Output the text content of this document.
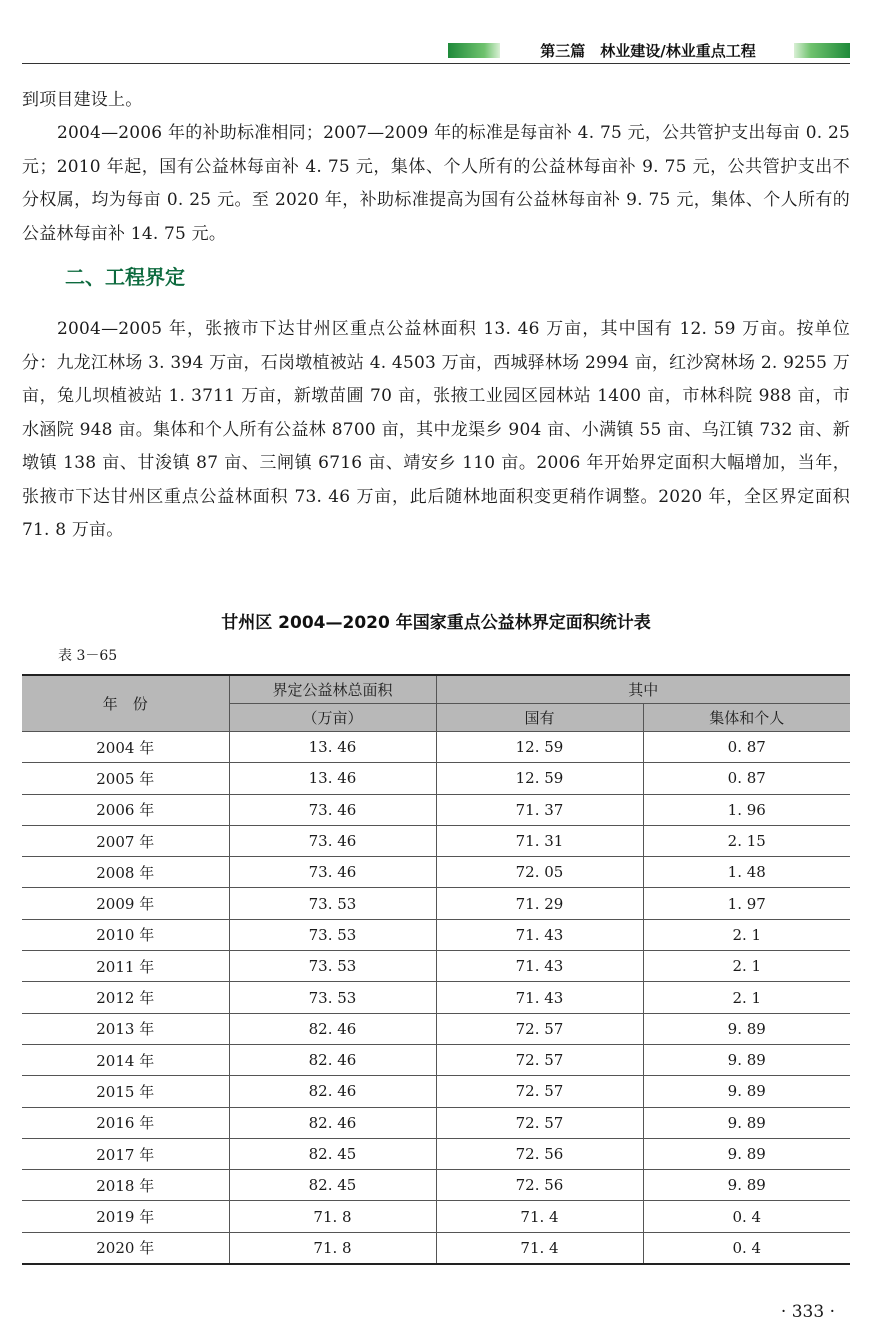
第三篇　林业建设/林业重点工程

到项目建设上。

2004—2006 年的补助标准相同；2007—2009 年的标准是每亩补 4. 75 元，公共管护支出每亩 0. 25 元；2010 年起，国有公益林每亩补 4. 75 元，集体、个人所有的公益林每亩补 9. 75 元，公共管护支出不分权属，均为每亩 0. 25 元。至 2020 年，补助标准提高为国有公益林每亩补 9. 75 元，集体、个人所有的公益林每亩补 14. 75 元。

二、工程界定

2004—2005 年，张掖市下达甘州区重点公益林面积 13. 46 万亩，其中国有 12. 59 万亩。按单位分：九龙江林场 3. 394 万亩，石岗墩植被站 4. 4503 万亩，西城驿林场 2994 亩，红沙窝林场 2. 9255 万亩，兔儿坝植被站 1. 3711 万亩，新墩苗圃 70 亩，张掖工业园区园林站 1400 亩，市林科院 988 亩，市水涵院 948 亩。集体和个人所有公益林 8700 亩，其中龙渠乡 904 亩、小满镇 55 亩、乌江镇 732 亩、新墩镇 138 亩、甘浚镇 87 亩、三闸镇 6716 亩、靖安乡 110 亩。2006 年开始界定面积大幅增加，当年，张掖市下达甘州区重点公益林面积 73. 46 万亩，此后随林地面积变更稍作调整。2020 年，全区界定面积 71. 8 万亩。

甘州区 2004—2020 年国家重点公益林界定面积统计表
表 3－65
年　份	界定公益林总面积	其中	
	（万亩）	国有	集体和个人
2004 年	13. 46	12. 59	0. 87
2005 年	13. 46	12. 59	0. 87
2006 年	73. 46	71. 37	1. 96
2007 年	73. 46	71. 31	2. 15
2008 年	73. 46	72. 05	1. 48
2009 年	73. 53	71. 29	1. 97
2010 年	73. 53	71. 43	2. 1
2011 年	73. 53	71. 43	2. 1
2012 年	73. 53	71. 43	2. 1
2013 年	82. 46	72. 57	9. 89
2014 年	82. 46	72. 57	9. 89
2015 年	82. 46	72. 57	9. 89
2016 年	82. 46	72. 57	9. 89
2017 年	82. 45	72. 56	9. 89
2018 年	82. 45	72. 56	9. 89
2019 年	71. 8	71. 4	0. 4
2020 年	71. 8	71. 4	0. 4
· 333 ·
